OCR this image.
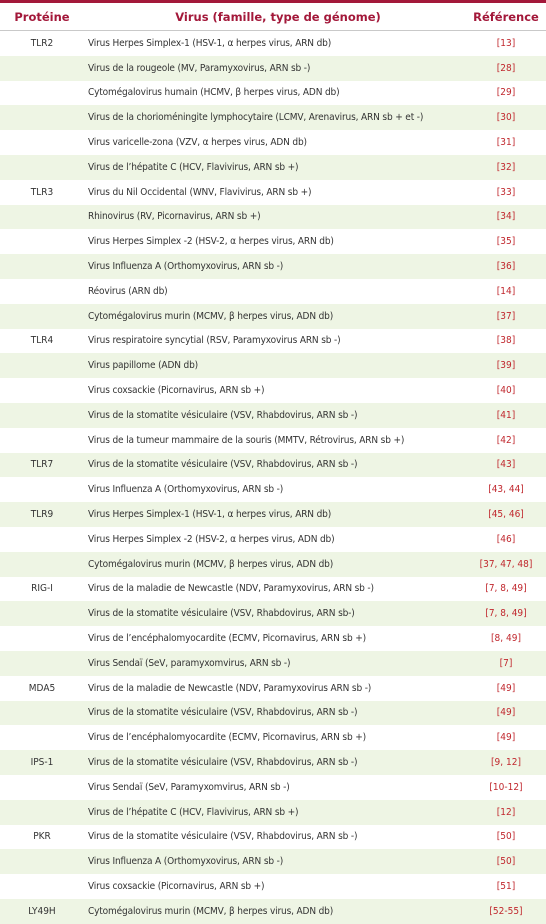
Protéine	Virus (famille, type de génome)	Référence
TLR2	Virus Herpes Simplex-1 (HSV-1, α herpes virus, ARN db)	[13]
	Virus de la rougeole (MV, Paramyxovirus, ARN sb -)	[28]
	Cytomégalovirus humain (HCMV, β herpes virus, ADN db)	[29]
	Virus de la chorioméningite lymphocytaire (LCMV, Arenavirus, ARN sb + et -)	[30]
	Virus varicelle-zona (VZV, α herpes virus, ADN db)	[31]
	Virus de l’hépatite C (HCV, Flavivirus, ARN sb +)	[32]
TLR3	Virus du Nil Occidental (WNV, Flavivirus, ARN sb +)	[33]
	Rhinovirus (RV, Picornavirus, ARN sb +)	[34]
	Virus Herpes Simplex -2 (HSV-2, α herpes virus, ARN db)	[35]
	Virus Influenza A (Orthomyxovirus, ARN sb -)	[36]
	Réovirus (ARN db)	[14]
	Cytomégalovirus murin (MCMV, β herpes virus, ADN db)	[37]
TLR4	Virus respiratoire syncytial (RSV, Paramyxovirus ARN sb -)	[38]
	Virus papillome (ADN db)	[39]
	Virus coxsackie (Picornavirus, ARN sb +)	[40]
	Virus de la stomatite vésiculaire (VSV, Rhabdovirus, ARN sb -)	[41]
	Virus de la tumeur mammaire de la souris (MMTV, Rétrovirus, ARN sb +)	[42]
TLR7	Virus de la stomatite vésiculaire (VSV, Rhabdovirus, ARN sb -)	[43]
	Virus Influenza A (Orthomyxovirus, ARN sb -)	[43, 44]
TLR9	Virus Herpes Simplex-1 (HSV-1, α herpes virus, ARN db)	[45, 46]
	Virus Herpes Simplex -2 (HSV-2, α herpes virus, ADN db)	[46]
	Cytomégalovirus murin (MCMV, β herpes virus, ADN db)	[37, 47, 48]
RIG-I	Virus de la maladie de Newcastle (NDV, Paramyxovirus, ARN sb -)	[7, 8, 49]
	Virus de la stomatite vésiculaire (VSV, Rhabdovirus, ARN sb-)	[7, 8, 49]
	Virus de l’encéphalomyocardite (ECMV, Picornavirus, ARN sb +)	[8, 49]
	Virus Sendaï (SeV, paramyxomvirus, ARN sb -)	[7]
MDA5	Virus de la maladie de Newcastle (NDV, Paramyxovirus ARN sb -)	[49]
	Virus de la stomatite vésiculaire (VSV, Rhabdovirus, ARN sb -)	[49]
	Virus de l’encéphalomyocardite (ECMV, Picornavirus, ARN sb +)	[49]
IPS-1	Virus de la stomatite vésiculaire (VSV, Rhabdovirus, ARN sb -)	[9, 12]
	Virus Sendaï (SeV, Paramyxomvirus, ARN sb -)	[10-12]
	Virus de l’hépatite C (HCV, Flavivirus, ARN sb +)	[12]
PKR	Virus de la stomatite vésiculaire (VSV, Rhabdovirus, ARN sb -)	[50]
	Virus Influenza A (Orthomyxovirus, ARN sb -)	[50]
	Virus coxsackie (Picornavirus, ARN sb +)	[51]
LY49H	Cytomégalovirus murin (MCMV, β herpes virus, ADN db)	[52-55]
